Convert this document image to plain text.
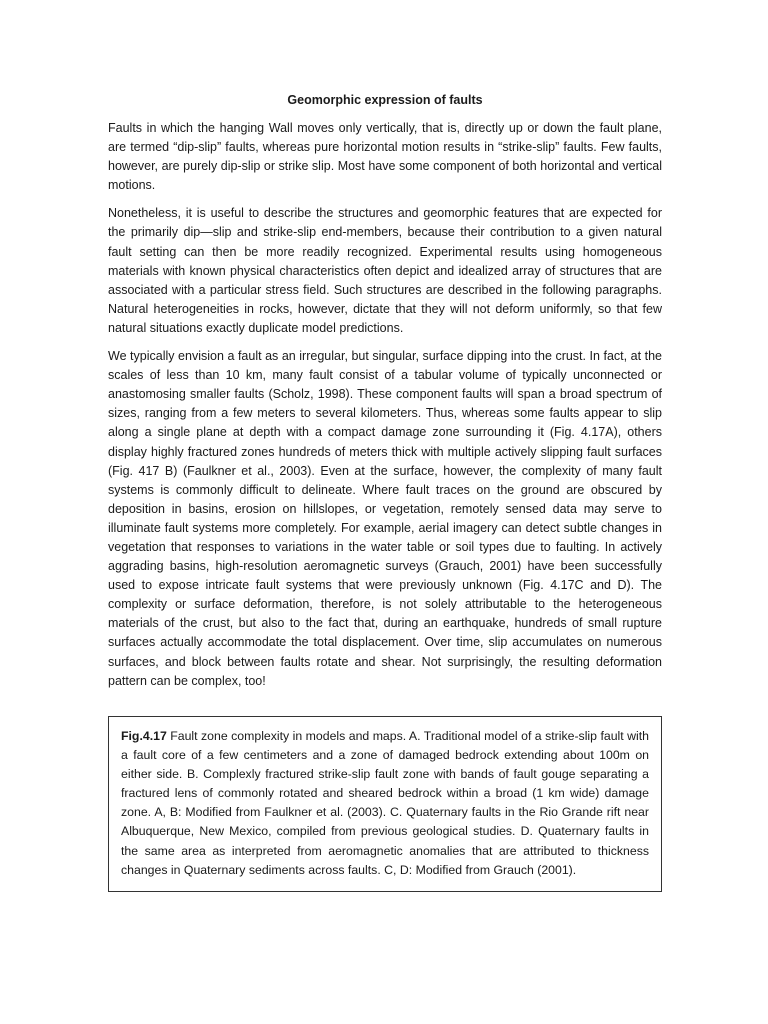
Geomorphic expression of faults

Faults in which the hanging Wall moves only vertically, that is, directly up or down the fault plane, are termed “dip-slip” faults, whereas pure horizontal motion results in “strike-slip” faults. Few faults, however, are purely dip-slip or strike slip. Most have some component of both horizontal and vertical motions.

Nonetheless, it is useful to describe the structures and geomorphic features that are expected for the primarily dip—slip and strike-slip end-members, because their contribution to a given natural fault setting can then be more readily recognized. Experimental results using homogeneous materials with known physical characteristics often depict and idealized array of structures that are associated with a particular stress field. Such structures are described in the following paragraphs. Natural heterogeneities in rocks, however, dictate that they will not deform uniformly, so that few natural situations exactly duplicate model predictions.

We typically envision a fault as an irregular, but singular, surface dipping into the crust. In fact, at the scales of less than 10 km, many fault consist of a tabular volume of typically unconnected or anastomosing smaller faults (Scholz, 1998). These component faults will span a broad spectrum of sizes, ranging from a few meters to several kilometers. Thus, whereas some faults appear to slip along a single plane at depth with a compact damage zone surrounding it (Fig. 4.17A), others display highly fractured zones hundreds of meters thick with multiple actively slipping fault surfaces (Fig. 417 B) (Faulkner et al., 2003). Even at the surface, however, the complexity of many fault systems is commonly difficult to delineate. Where fault traces on the ground are obscured by deposition in basins, erosion on hillslopes, or vegetation, remotely sensed data may serve to illuminate fault systems more completely. For example, aerial imagery can detect subtle changes in vegetation that responses to variations in the water table or soil types due to faulting. In actively aggrading basins, high-resolution aeromagnetic surveys (Grauch, 2001) have been successfully used to expose intricate fault systems that were previously unknown (Fig. 4.17C and D). The complexity or surface deformation, therefore, is not solely attributable to the heterogeneous materials of the crust, but also to the fact that, during an earthquake, hundreds of small rupture surfaces actually accommodate the total displacement. Over time, slip accumulates on numerous surfaces, and block between faults rotate and shear. Not surprisingly, the resulting deformation pattern can be complex, too!

Fig.4.17 Fault zone complexity in models and maps. A. Traditional model of a strike-slip fault with a fault core of a few centimeters and a zone of damaged bedrock extending about 100m on either side. B. Complexly fractured strike-slip fault zone with bands of fault gouge separating a fractured lens of commonly rotated and sheared bedrock within a broad (1 km wide) damage zone. A, B: Modified from Faulkner et al. (2003). C. Quaternary faults in the Rio Grande rift near Albuquerque, New Mexico, compiled from previous geological studies. D. Quaternary faults in the same area as interpreted from aeromagnetic anomalies that are attributed to thickness changes in Quaternary sediments across faults. C, D: Modified from Grauch (2001).
